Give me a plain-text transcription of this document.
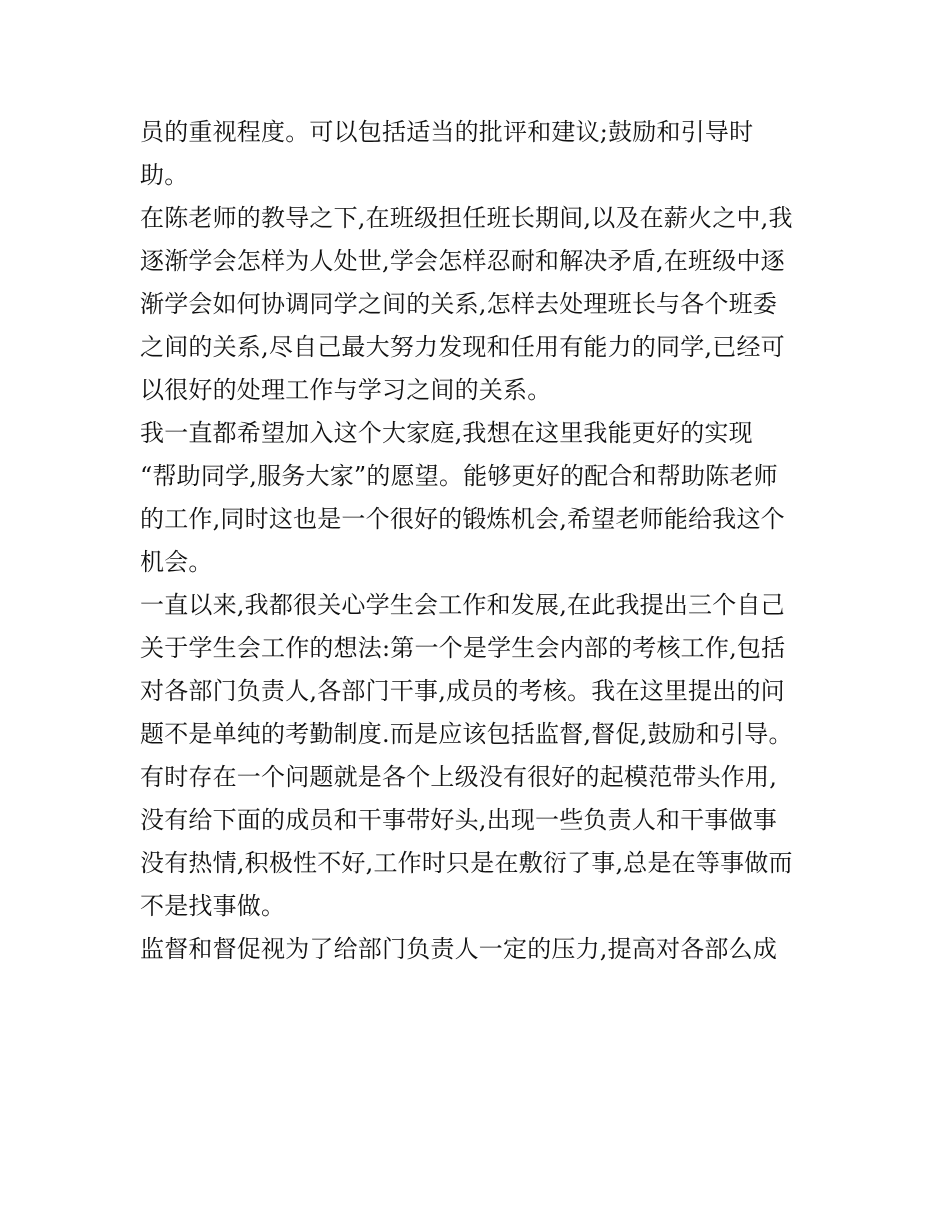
员的重视程度。可以包括适当的批评和建议;鼓励和引导时
助。
在陈老师的教导之下,在班级担任班长期间,以及在薪火之中,我
逐渐学会怎样为人处世,学会怎样忍耐和解决矛盾,在班级中逐
渐学会如何协调同学之间的关系,怎样去处理班长与各个班委
之间的关系,尽自己最大努力发现和任用有能力的同学,已经可
以很好的处理工作与学习之间的关系。
我一直都希望加入这个大家庭,我想在这里我能更好的实现
“帮助同学,服务大家”的愿望。能够更好的配合和帮助陈老师
的工作,同时这也是一个很好的锻炼机会,希望老师能给我这个
机会。
一直以来,我都很关心学生会工作和发展,在此我提出三个自己
关于学生会工作的想法:第一个是学生会内部的考核工作,包括
对各部门负责人,各部门干事,成员的考核。我在这里提出的问
题不是单纯的考勤制度.而是应该包括监督,督促,鼓励和引导。
有时存在一个问题就是各个上级没有很好的起模范带头作用,
没有给下面的成员和干事带好头,出现一些负责人和干事做事
没有热情,积极性不好,工作时只是在敷衍了事,总是在等事做而
不是找事做。
监督和督促视为了给部门负责人一定的压力,提高对各部么成
